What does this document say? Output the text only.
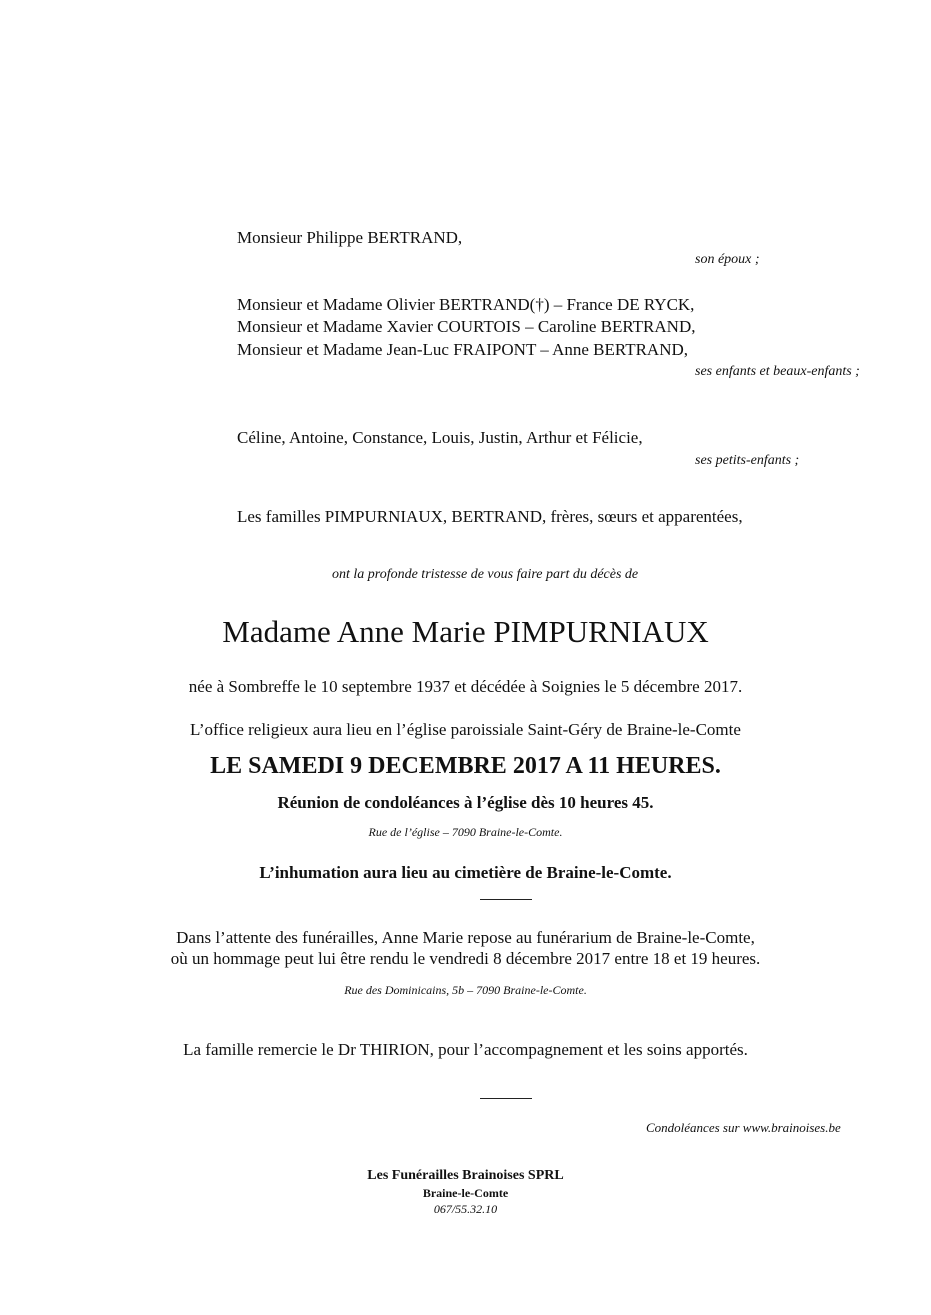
Monsieur Philippe BERTRAND,
son époux ;
Monsieur et Madame Olivier BERTRAND(†) – France DE RYCK,
Monsieur et Madame Xavier COURTOIS – Caroline BERTRAND,
Monsieur et Madame Jean-Luc FRAIPONT – Anne BERTRAND,
ses enfants et beaux-enfants ;
Céline, Antoine, Constance, Louis, Justin, Arthur et Félicie,
ses petits-enfants ;
Les familles PIMPURNIAUX, BERTRAND, frères, sœurs et apparentées,
ont la profonde tristesse de vous faire part du décès de
Madame Anne Marie PIMPURNIAUX
née à Sombreffe le 10 septembre 1937 et décédée à Soignies le 5 décembre 2017.
L’office religieux aura lieu en l’église paroissiale Saint-Géry de Braine-le-Comte
LE SAMEDI 9 DECEMBRE 2017 A 11 HEURES.
Réunion de condoléances à l’église dès 10 heures 45.
Rue de l’église – 7090 Braine-le-Comte.
L’inhumation aura lieu au cimetière de Braine-le-Comte.
Dans l’attente des funérailles, Anne Marie repose au funérarium de Braine-le-Comte,
où un hommage peut lui être rendu le vendredi 8 décembre 2017 entre 18 et 19 heures.
Rue des Dominicains, 5b – 7090 Braine-le-Comte.
La famille remercie le Dr THIRION, pour l’accompagnement et les soins apportés.
Condoléances sur www.brainoises.be
Les Funérailles Brainoises SPRL
Braine-le-Comte
067/55.32.10
